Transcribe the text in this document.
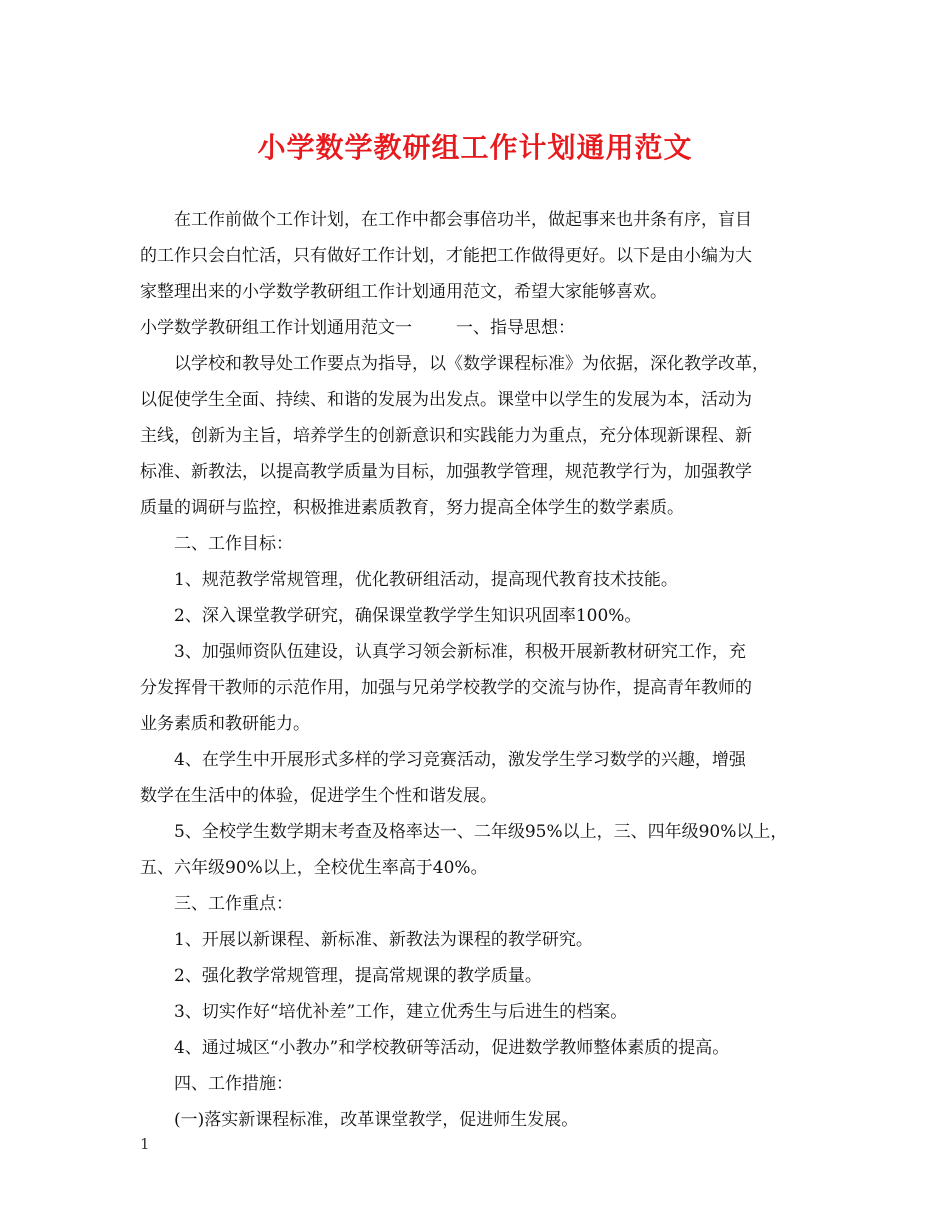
小学数学教研组工作计划通用范文
在工作前做个工作计划，在工作中都会事倍功半，做起事来也井条有序，盲目
的工作只会白忙活，只有做好工作计划，才能把工作做得更好。以下是由小编为大
家整理出来的小学数学教研组工作计划通用范文，希望大家能够喜欢。
小学数学教研组工作计划通用范文一	一、指导思想：
以学校和教导处工作要点为指导，以《数学课程标准》为依据，深化教学改革，
以促使学生全面、持续、和谐的发展为出发点。课堂中以学生的发展为本，活动为
主线，创新为主旨，培养学生的创新意识和实践能力为重点，充分体现新课程、新
标准、新教法，以提高教学质量为目标，加强教学管理，规范教学行为，加强教学
质量的调研与监控，积极推进素质教育，努力提高全体学生的数学素质。
二、工作目标：
1、规范教学常规管理，优化教研组活动，提高现代教育技术技能。
2、深入课堂教学研究，确保课堂教学学生知识巩固率100%。
3、加强师资队伍建设，认真学习领会新标准，积极开展新教材研究工作，充
分发挥骨干教师的示范作用，加强与兄弟学校教学的交流与协作，提高青年教师的
业务素质和教研能力。
4、在学生中开展形式多样的学习竞赛活动，激发学生学习数学的兴趣，增强
数学在生活中的体验，促进学生个性和谐发展。
5、全校学生数学期末考查及格率达一、二年级95%以上，三、四年级90%以上，
五、六年级90%以上，全校优生率高于40%。
三、工作重点：
1、开展以新课程、新标准、新教法为课程的教学研究。
2、强化教学常规管理，提高常规课的教学质量。
3、切实作好“培优补差”工作，建立优秀生与后进生的档案。
4、通过城区“小教办”和学校教研等活动，促进数学教师整体素质的提高。
四、工作措施：
(一)落实新课程标准，改革课堂教学，促进师生发展。
1
